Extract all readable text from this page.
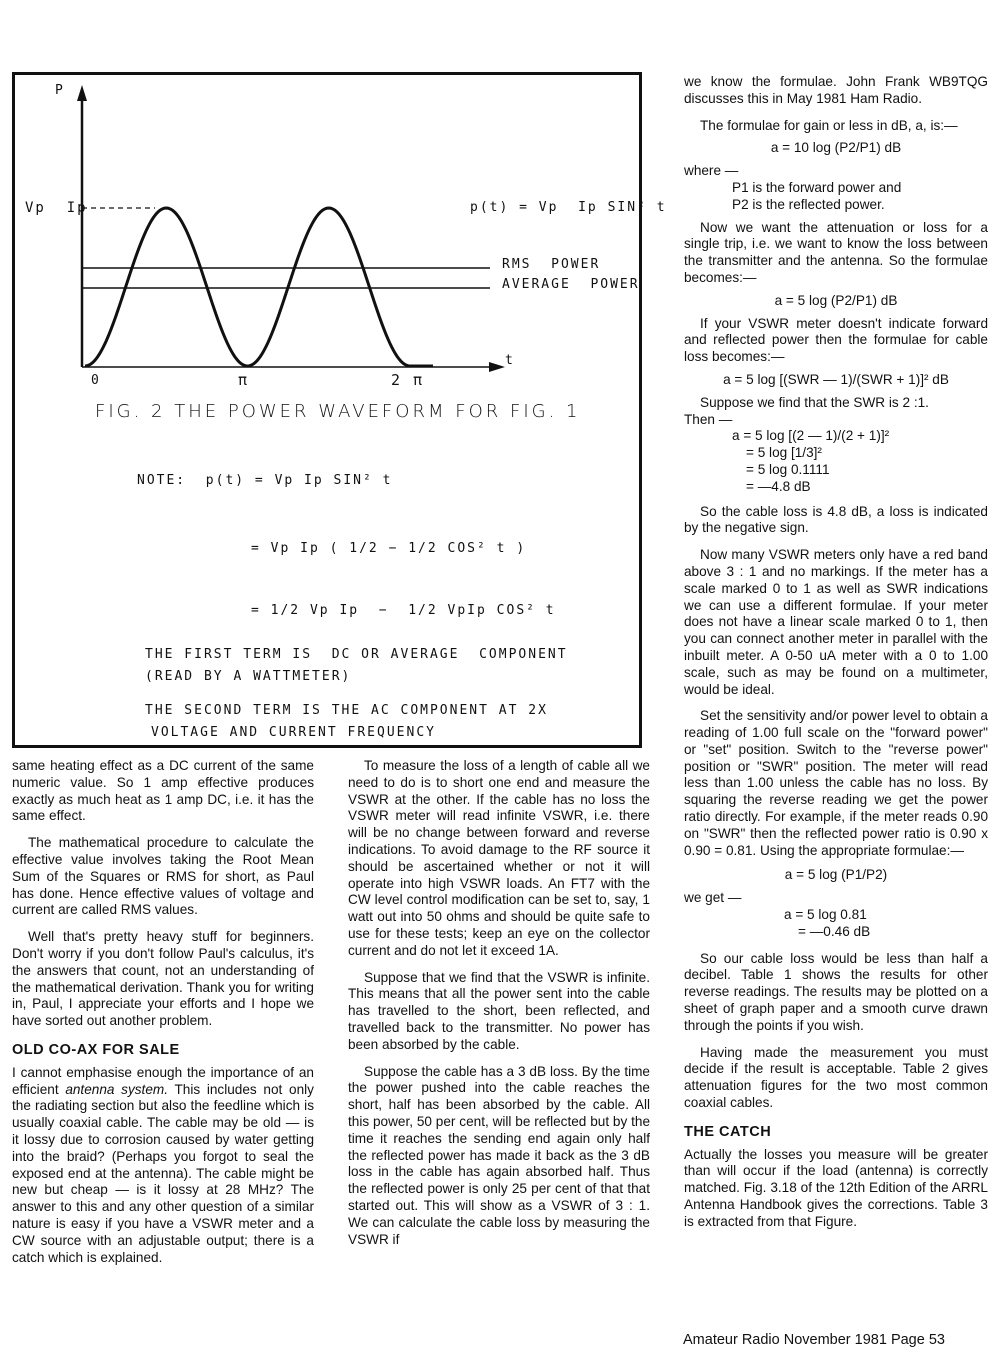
P
t
Vp  Ip
0	π	2 π
p(t) = Vp  Ip SIN² t
RMS  POWER
AVERAGE  POWER
FIG. 2 THE POWER WAVEFORM FOR FIG. 1
NOTE:  p(t) = Vp Ip SIN² t
= Vp Ip ( 1/2 − 1/2 COS² t )
= 1/2 Vp Ip  −  1/2 VpIp COS² t
THE FIRST TERM IS  DC OR AVERAGE  COMPONENT
(READ BY A WATTMETER)
THE SECOND TERM IS THE AC COMPONENT AT 2X
VOLTAGE AND CURRENT FREQUENCY

same heating effect as a DC current of the same numeric value. So 1 amp effective produces exactly as much heat as 1 amp DC, i.e. it has the same effect.

The mathematical procedure to calculate the effective value involves taking the Root Mean Sum of the Squares or RMS for short, as Paul has done. Hence effective values of voltage and current are called RMS values.

Well that's pretty heavy stuff for beginners. Don't worry if you don't follow Paul's calculus, it's the answers that count, not an understanding of the mathematical derivation. Thank you for writing in, Paul, I appreciate your efforts and I hope we have sorted out another problem.

OLD CO-AX FOR SALE

I cannot emphasise enough the importance of an efficient antenna system. This includes not only the radiating section but also the feedline which is usually coaxial cable. The cable may be old — is it lossy due to corrosion caused by water getting into the braid? (Perhaps you forgot to seal the exposed end at the antenna). The cable might be new but cheap — is it lossy at 28 MHz? The answer to this and any other question of a similar nature is easy if you have a VSWR meter and a CW source with an adjustable output; there is a catch which is explained.

To measure the loss of a length of cable all we need to do is to short one end and measure the VSWR at the other. If the cable has no loss the VSWR meter will read infinite VSWR, i.e. there will be no change between forward and reverse indications. To avoid damage to the RF source it should be ascertained whether or not it will operate into high VSWR loads. An FT7 with the CW level control modification can be set to, say, 1 watt out into 50 ohms and should be quite safe to use for these tests; keep an eye on the collector current and do not let it exceed 1A.

Suppose that we find that the VSWR is infinite. This means that all the power sent into the cable has travelled to the short, been reflected, and travelled back to the transmitter. No power has been absorbed by the cable.

Suppose the cable has a 3 dB loss. By the time the power pushed into the cable reaches the short, half has been absorbed by the cable. All this power, 50 per cent, will be reflected but by the time it reaches the sending end again only half the reflected power has made it back as the 3 dB loss in the cable has again absorbed half. Thus the reflected power is only 25 per cent of that that started out. This will show as a VSWR of 3 : 1. We can calculate the cable loss by measuring the VSWR if

we know the formulae. John Frank WB9TQG discusses this in May 1981 Ham Radio.

The formulae for gain or less in dB, a, is:—

a = 10 log (P2/P1) dB
where —
P1 is the forward power and
P2 is the reflected power.

Now we want the attenuation or loss for a single trip, i.e. we want to know the loss between the transmitter and the antenna. So the formulae becomes:—

a = 5 log (P2/P1) dB

If your VSWR meter doesn't indicate forward and reflected power then the formulae for cable loss becomes:—

a = 5 log [(SWR — 1)/(SWR + 1)]² dB

Suppose we find that the SWR is 2 :1.

Then —
a = 5 log [(2 — 1)/(2 + 1)]²
= 5 log [1/3]²
= 5 log 0.1111
= —4.8 dB

So the cable loss is 4.8 dB, a loss is indicated by the negative sign.

Now many VSWR meters only have a red band above 3 : 1 and no markings. If the meter has a scale marked 0 to 1 as well as SWR indications we can use a different formulae. If your meter does not have a linear scale marked 0 to 1, then you can connect another meter in parallel with the inbuilt meter. A 0-50 uA meter with a 0 to 1.00 scale, such as may be found on a multimeter, would be ideal.

Set the sensitivity and/or power level to obtain a reading of 1.00 full scale on the "forward power" or "set" position. Switch to the "reverse power" position or "SWR" position. The meter will read less than 1.00 unless the cable has no loss. By squaring the reverse reading we get the power ratio directly. For example, if the meter reads 0.90 on "SWR" then the reflected power ratio is 0.90 x 0.90 = 0.81. Using the appropriate formulae:—

a = 5 log (P1/P2)
we get —
a = 5 log 0.81
= —0.46 dB

So our cable loss would be less than half a decibel. Table 1 shows the results for other reverse readings. The results may be plotted on a sheet of graph paper and a smooth curve drawn through the points if you wish.

Having made the measurement you must decide if the result is acceptable. Table 2 gives attenuation figures for the two most common coaxial cables.

THE CATCH

Actually the losses you measure will be greater than will occur if the load (antenna) is correctly matched. Fig. 3.18 of the 12th Edition of the ARRL Antenna Handbook gives the corrections. Table 3 is extracted from that Figure.

Amateur Radio November 1981 Page 53
